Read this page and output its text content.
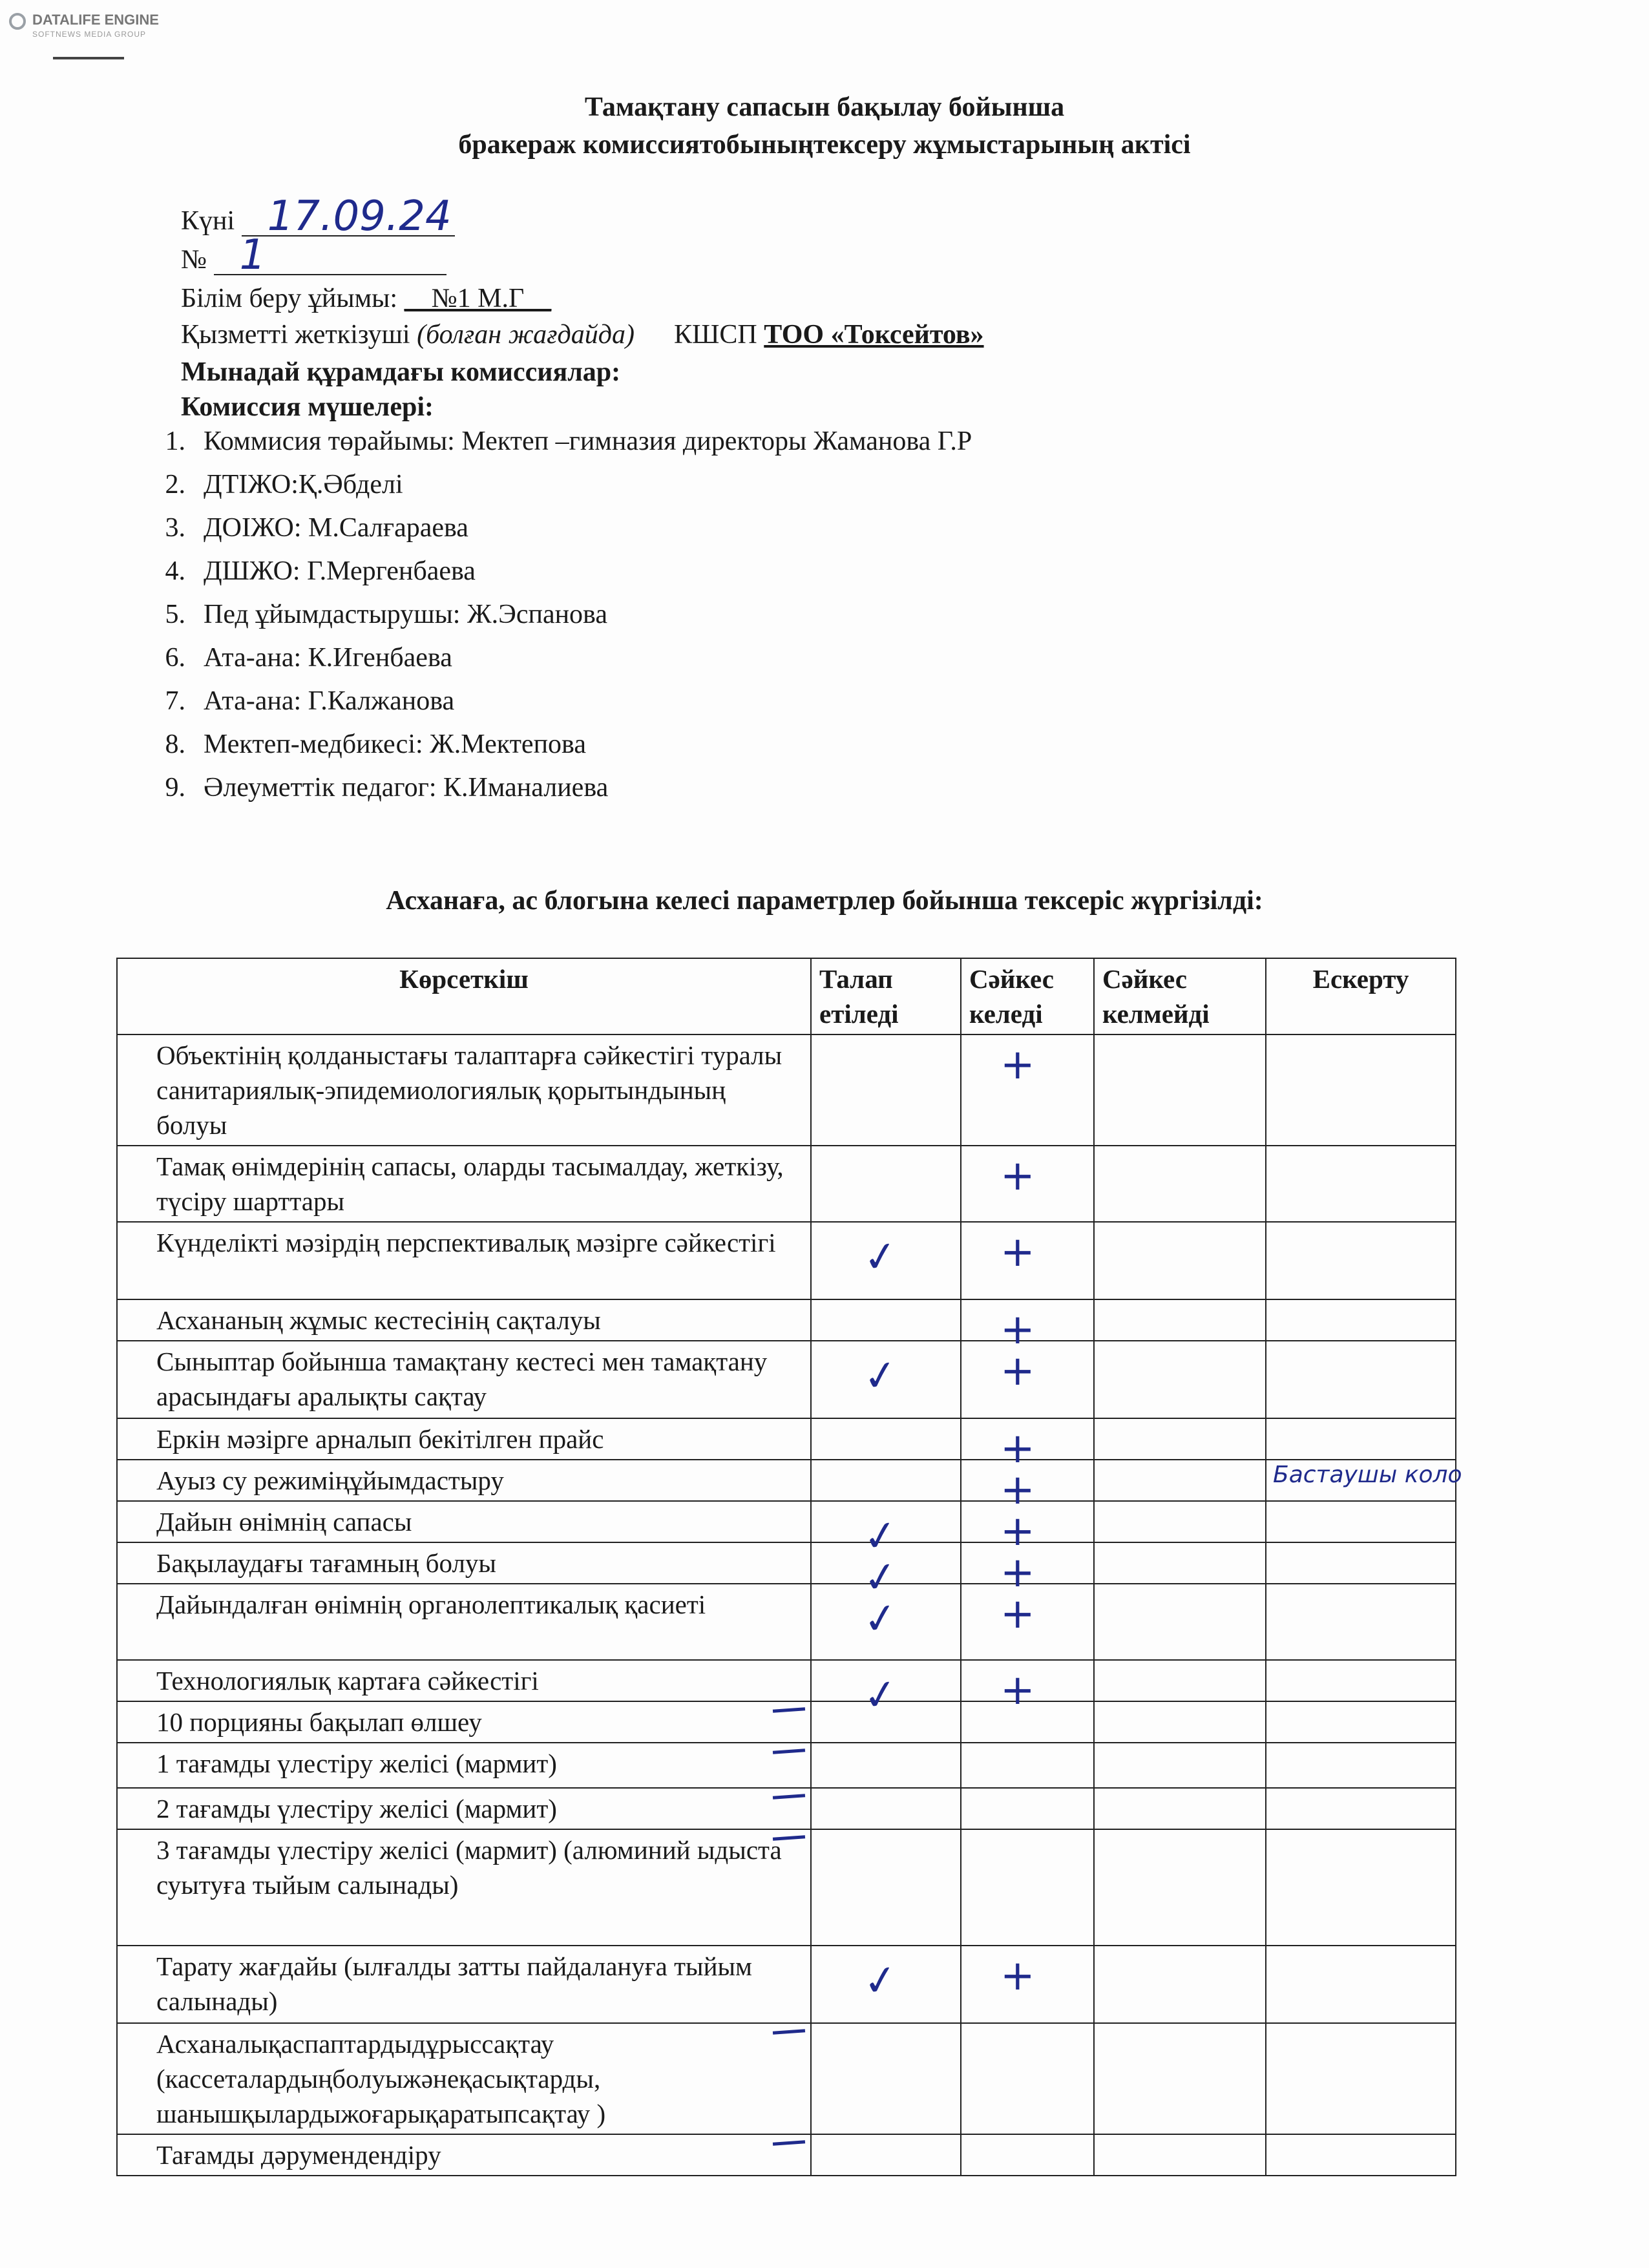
DATALIFE ENGINE
SOFTNEWS MEDIA GROUP
Тамақтану сапасын бақылау бойынша
бракераж комиссиятобыныңтексеру жұмыстарының актісі
Күні 17.09.24
№ 1
Білім беру ұйымы: __№1 М.Г__
Қызметті жеткізуші (болған жағдайда) КШСП ТОО «Токсейтов»
Мынадай құрамдағы комиссиялар:
Комиссия мүшелері:
1. Коммисия төрайымы: Мектеп –гимназия директоры Жаманова Г.Р
2. ДТІЖО:Қ.Әбделі
3. ДОІЖО: М.Салғараева
4. ДШЖО: Г.Мергенбаева
5. Пед ұйымдастырушы: Ж.Эспанова
6. Ата-ана: К.Игенбаева
7. Ата-ана: Г.Калжанова
8. Мектеп-медбикесі: Ж.Мектепова
9. Әлеуметтік педагог: К.Иманалиева
Асханаға, ас блогына келесі параметрлер бойынша тексеріс жүргізілді:
Көрсеткіш	Талап етіледі	Сәйкес келеді	Сәйкес келмейді	Ескерту
Объектінің қолданыстағы талаптарға сәйкестігі туралы санитариялық-эпидемиологиялық қорытындының болуы		+		

Тамақ өнімдерінің сапасы, оларды тасымалдау, жеткізу, түсіру шарттары		+		

Күнделікті мәзірдің перспективалық мәзірге сәйкестігі	✓	+		

Асхананың жұмыс кестесінің сақталуы		+		

Сыныптар бойынша тамақтану кестесі мен тамақтану арасындағы аралықты сақтау	✓	+		

Еркін мәзірге арналып бекітілген прайс		+		

Ауыз су режиміңұйымдастыру		+		Бастаушы коло

Дайын өнімнің сапасы	✓	+		

Бақылаудағы тағамның болуы	✓	+		

Дайындалған өнімнің органолептикалық қасиеті	✓	+		

Технологиялық картаға сәйкестігі	✓	+		

10 порцияны бақылап өлшеу

1 тағамды үлестіру желісі (мармит)

2 тағамды үлестіру желісі (мармит)

3 тағамды үлестіру желісі (мармит) (алюминий ыдыста суытуға тыйым салынады)

Тарату жағдайы (ылғалды затты пайдалануға тыйым салынады)	✓	+		

Асханалықаспаптардыдұрыссақтау (кассеталардыңболуыжәнеқасықтарды, шанышқылардыжоғарықаратыпсақтау )

Тағамды дәрумендендіру
